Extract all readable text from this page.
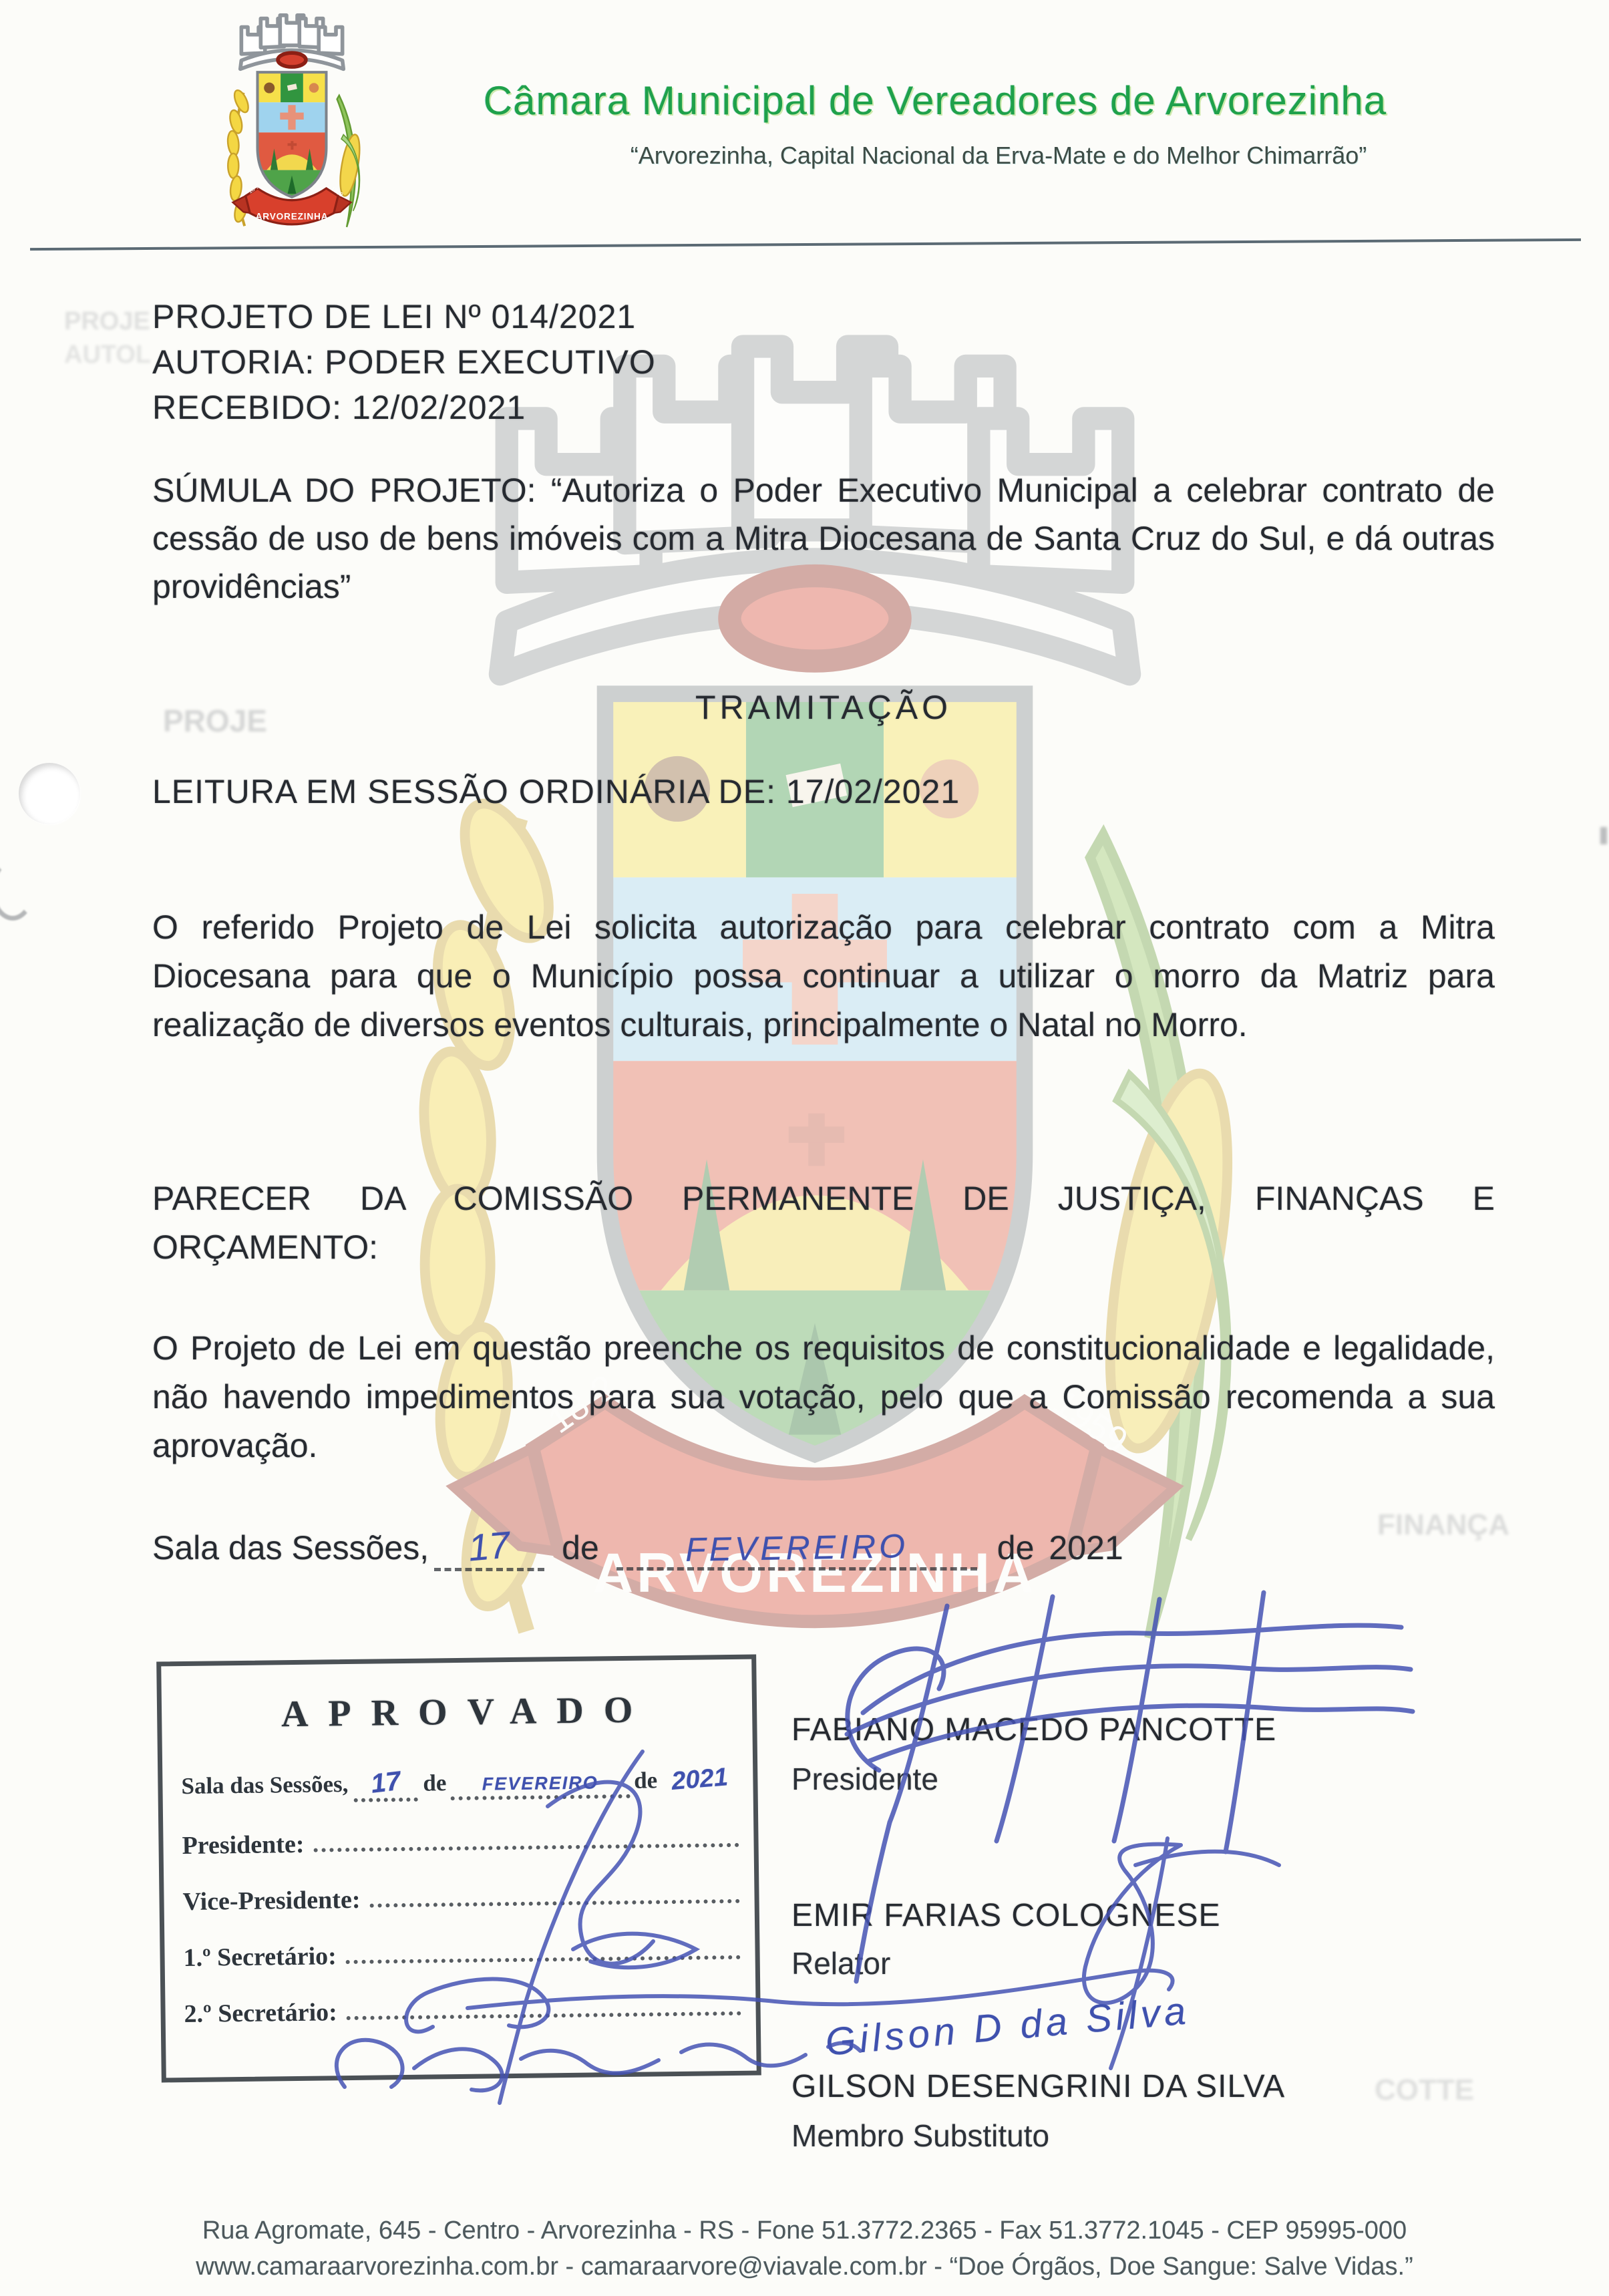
PROJE
AUTOL
PROJE
FINANÇA
COTTE
Câmara Municipal de Vereadores de Arvorezinha
“Arvorezinha, Capital Nacional da Erva-Mate e do Melhor Chimarrão”
PROJETO DE LEI Nº 014/2021
AUTORIA: PODER EXECUTIVO
RECEBIDO: 12/02/2021
SÚMULA DO PROJETO: “Autoriza o Poder Executivo Municipal a celebrar contrato de cessão de uso de bens imóveis com a Mitra Diocesana de Santa Cruz do Sul, e dá outras providências”
TRAMITAÇÃO
LEITURA EM SESSÃO ORDINÁRIA DE: 17/02/2021
O referido Projeto de Lei solicita autorização para celebrar contrato com a Mitra Diocesana para que o Município possa continuar a utilizar o morro da Matriz para realização de diversos eventos culturais, principalmente o Natal no Morro.
PARECER DA COMISSÃO PERMANENTE DE JUSTIÇA, FINANÇAS E
ORÇAMENTO:
O Projeto de Lei em questão preenche os requisitos de constitucionalidade e legalidade, não havendo impedimentos para sua votação, pelo que a Comissão recomenda a sua aprovação.
Sala das Sessões,	17	de	FEVEREIRO	de 2021
APROVADO
Sala das Sessões, 17 de	FEVEREIRO	de 2021
Presidente:
Vice-Presidente:
1.º Secretário:
2.º Secretário:
FABIANO MACEDO PANCOTTE
Presidente
EMIR FARIAS COLOGNESE
Relator
Gilson D da Silva
GILSON DESENGRINI DA SILVA
Membro Substituto
Rua Agromate, 645 - Centro - Arvorezinha - RS - Fone 51.3772.2365 - Fax 51.3772.1045 - CEP 95995-000
www.camaraarvorezinha.com.br - camaraarvore@viavale.com.br - “Doe Órgãos, Doe Sangue: Salve Vidas.”
